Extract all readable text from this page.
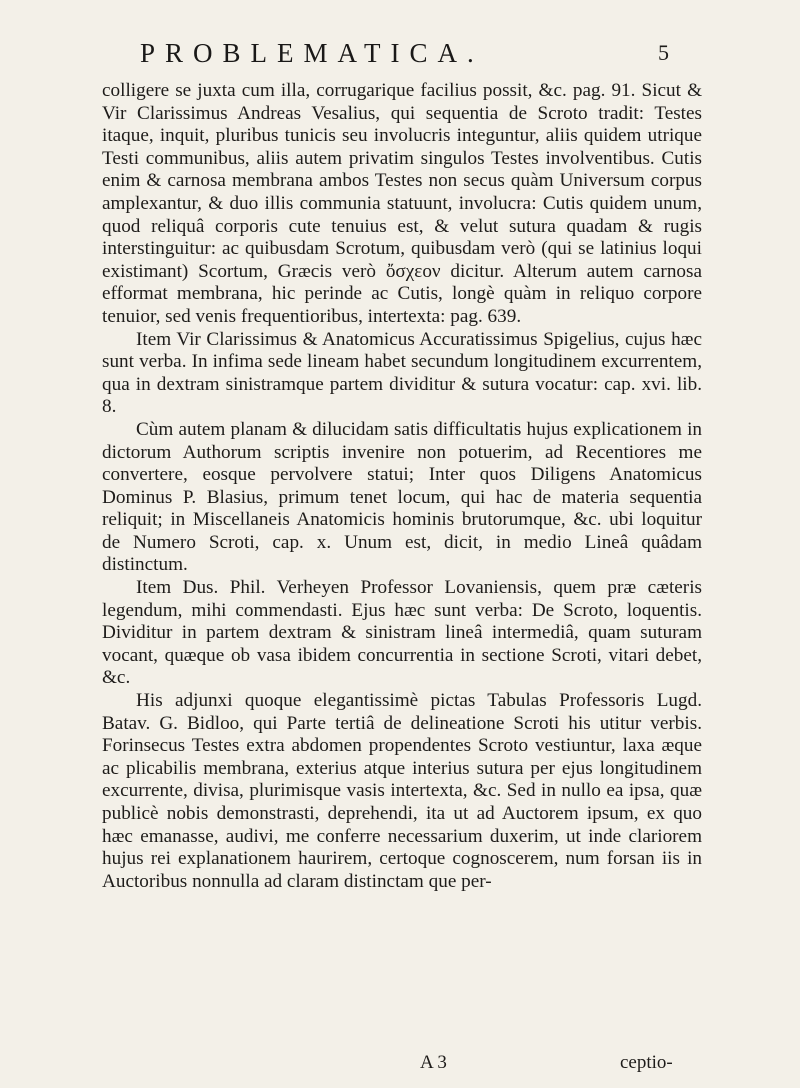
PROBLEMATICA.	5

colligere se juxta cum illa, corrugarique facilius possit, &c. pag. 91. Sicut & Vir Clarissimus Andreas Vesalius, qui sequentia de Scroto tradit: Testes itaque, inquit, pluribus tunicis seu involucris integuntur, aliis quidem utrique Testi communibus, aliis autem privatim singulos Testes involventibus. Cutis enim & carnosa membrana ambos Testes non secus quàm Universum corpus amplexantur, & duo illis communia statuunt, involucra: Cutis quidem unum, quod reliquâ corporis cute tenuius est, & velut sutura quadam & rugis interstinguitur: ac quibusdam Scrotum, quibusdam verò (qui se latinius loqui existimant) Scortum, Græcis verò ὄσχεον dicitur. Alterum autem carnosa efformat membrana, hic perinde ac Cutis, longè quàm in reliquo corpore tenuior, sed venis frequentioribus, intertexta: pag. 639.

Item Vir Clarissimus & Anatomicus Accuratissimus Spigelius, cujus hæc sunt verba. In infima sede lineam habet secundum longitudinem excurrentem, qua in dextram sinistramque partem dividitur & sutura vocatur: cap. xvi. lib. 8.

Cùm autem planam & dilucidam satis difficultatis hujus explicationem in dictorum Authorum scriptis invenire non potuerim, ad Recentiores me convertere, eosque pervolvere statui; Inter quos Diligens Anatomicus Dominus P. Blasius, primum tenet locum, qui hac de materia sequentia reliquit; in Miscellaneis Anatomicis hominis brutorumque, &c. ubi loquitur de Numero Scroti, cap. x. Unum est, dicit, in medio Lineâ quâdam distinctum.

Item Dus. Phil. Verheyen Professor Lovaniensis, quem præ cæteris legendum, mihi commendasti. Ejus hæc sunt verba: De Scroto, loquentis. Dividitur in partem dextram & sinistram lineâ intermediâ, quam suturam vocant, quæque ob vasa ibidem concurrentia in sectione Scroti, vitari debet, &c.

His adjunxi quoque elegantissimè pictas Tabulas Professoris Lugd. Batav. G. Bidloo, qui Parte tertiâ de delineatione Scroti his utitur verbis. Forinsecus Testes extra abdomen propendentes Scroto vestiuntur, laxa æque ac plicabilis membrana, exterius atque interius sutura per ejus longitudinem excurrente, divisa, plurimisque vasis intertexta, &c. Sed in nullo ea ipsa, quæ publicè nobis demonstrasti, deprehendi, ita ut ad Auctorem ipsum, ex quo hæc emanasse, audivi, me conferre necessarium duxerim, ut inde clariorem hujus rei explanationem haurirem, certoque cognoscerem, num forsan iis in Auctoribus nonnulla ad claram distinctam que per-

A 3	ceptio-
